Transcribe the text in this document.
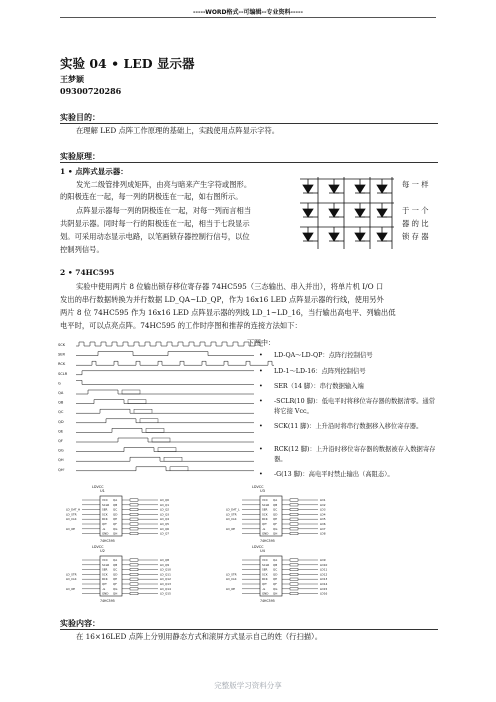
-----WORD格式--可编辑--专业资料-----
实验 04 • LED 显示器
王梦颖
09300720286
实验目的：
在理解 LED 点阵工作原理的基础上，实践使用点阵显示字符。
实验原理：
1 • 点阵式显示器：
发光二级管排列成矩阵，由亮与暗来产生字符或图形。
的阳极连在一起，每一列的阴极连在一起，如右图所示。
点阵显示器每一列的阴极连在一起，对每一列而言相当
共阴显示器。同时每一行的阳极连在一起，相当于七段显示
划。可采用动态显示电路，以笔画锁存器控制行信号，以位
控制列信号。
每 一 样
于 一 个
器 的 比
锁 存 器
2 • 74HC595
实验中使用两片 8 位输出锁存移位寄存器 74HC595（三态输出、串入并出），将单片机 I/O 口
发出的串行数据转换为并行数据 LD_QA~LD_QP，作为 16x16 LED 点阵显示器的行线，使用另外
两片 8 位 74HC595 作为 16x16 LED 点阵显示器的列线 LD_1~LD_16，当行输出高电平、列输出低
电平时，可以点亮点阵。74HC595 的工作时序图和推荐的连接方法如下：
SCK
SER
RCK
SCLR
G
QA
QB
QC
QD
QE
QF
QG
QH
QH'
下图中：
•	LD-QA～LD-QP：点阵行控制信号
•	LD-1～LD-16：点阵列控制信号
•	SER（14 脚）：串行数据输入端
•	-SCLR(10 脚)：低电平时将移位寄存器的数据清零。通常将它接 Vcc。
•	SCK(11 脚)：上升沿时将串行数据移入移位寄存器。
•	RCK(12 脚)：上升沿时移位寄存器的数据被存入数据寄存器。
•	-G(13 脚)：高电平时禁止输出（高阻态）。
U1
LDVCC
74HC595
VCC
SCLR
SER
LD_DAT_H
SCK
LD_STR
RCK
LD_CLK
QH'
-G
LD_OE
GND
QA	LD_Q0
QB	LD_Q1
QC	LD_Q2
QD	LD_Q3
QE	LD_Q4
QF	LD_Q5
QG	LD_Q6
QH	LD_Q7
U2
LDVCC
74HC595
VCC
SCLR
SER
SCK
LD_STR
RCK
LD_CLK
QH'
-G
LD_OE
GND
QA	LD_Q8
QB	LD_Q9
QC	LD_Q10
QD	LD_Q11
QE	LD_Q12
QF	LD_Q13
QG	LD_Q14
QH	LD_Q15
U3
LDVCC
74HC595
VCC
SCLR
SER
LD_DAT_L
SCK
LD_STR
RCK
LD_CLK
QH'
-G
LD_OE
GND
QA	LD1
QB	LD2
QC	LD3
QD	LD4
QE	LD5
QF	LD6
QG	LD7
QH	LD8
U4
LDVCC
74HC595
VCC
SCLR
SER
SCK
LD_STR
RCK
LD_CLK
QH'
-G
LD_OE
GND
QA	LD9
QB	LD10
QC	LD11
QD	LD12
QE	LD13
QF	LD14
QG	LD15
QH	LD16
实验内容：
在 16×16LED 点阵上分别用静态方式和滚屏方式显示自己的姓（行扫描）。
完整版学习资料分享
